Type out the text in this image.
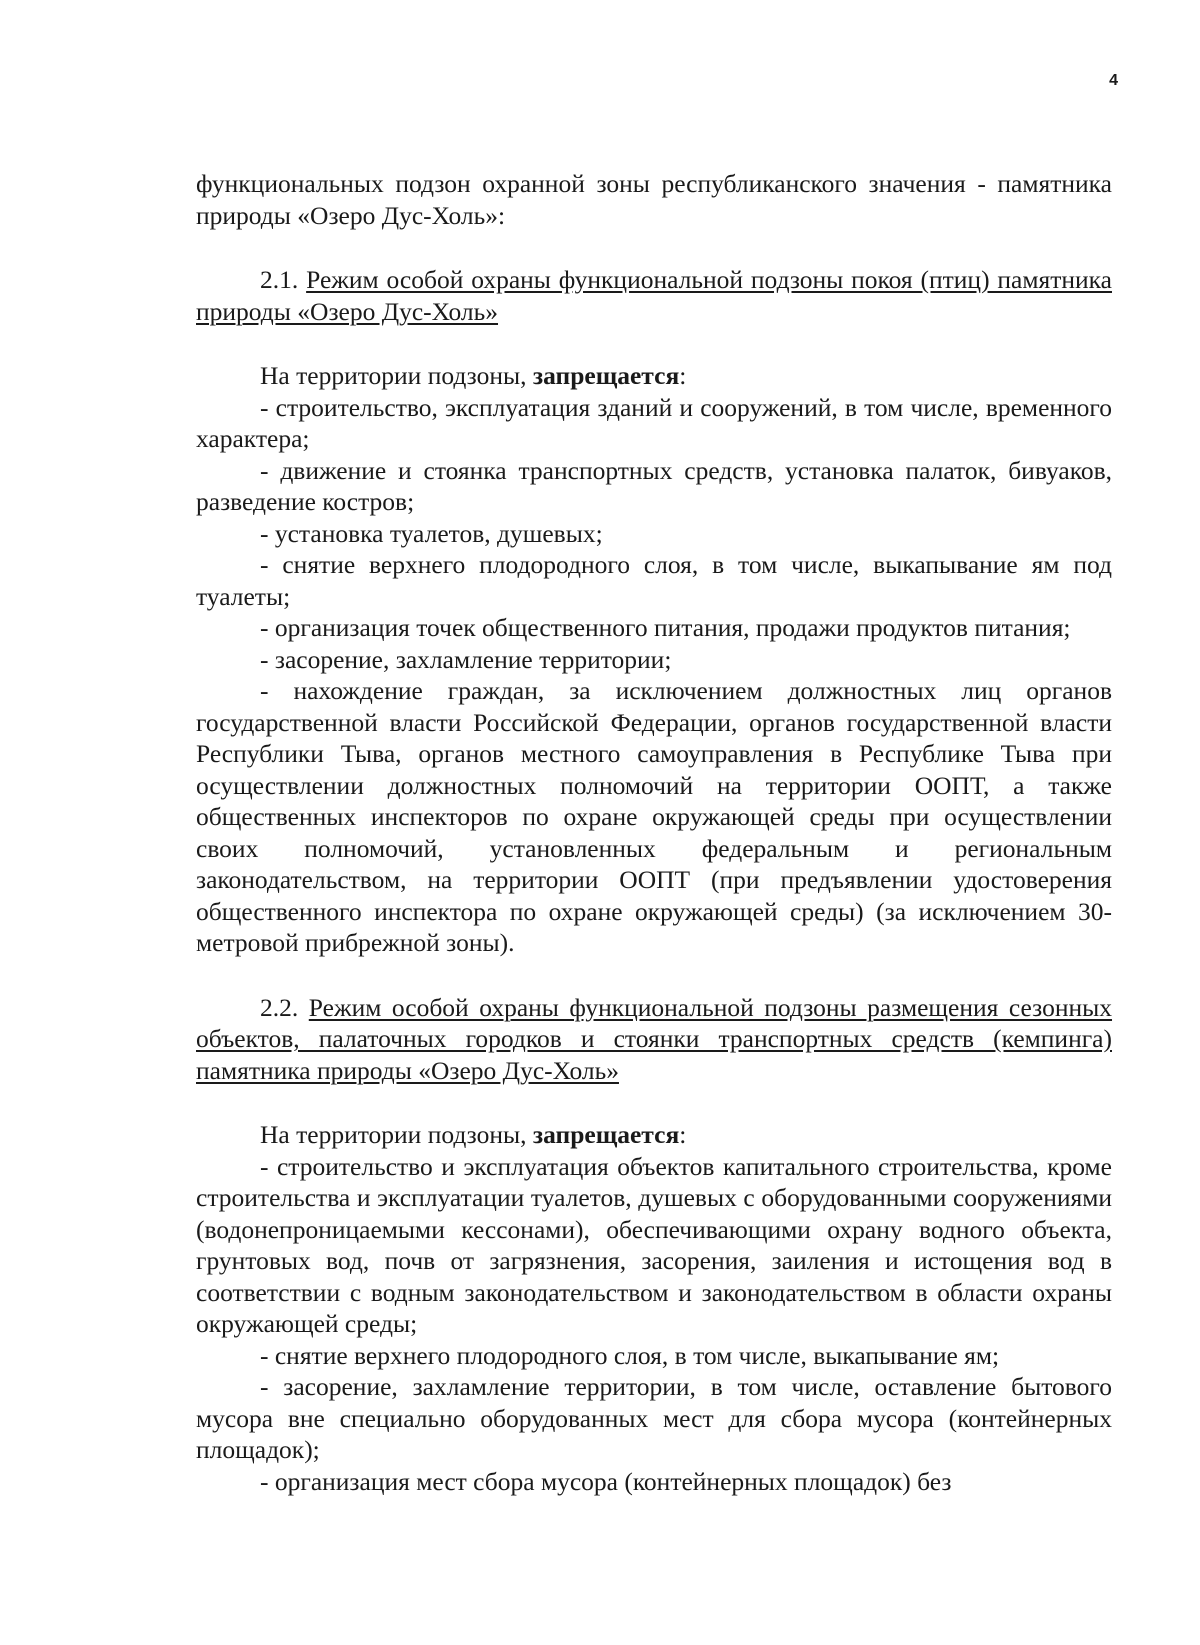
4

функциональных подзон охранной зоны республиканского значения - памятника природы «Озеро Дус-Холь»:

2.1. Режим особой охраны функциональной подзоны покоя (птиц) памятника природы «Озеро Дус-Холь»

На территории подзоны, запрещается:

- строительство, эксплуатация зданий и сооружений, в том числе, временного характера;

- движение и стоянка транспортных средств, установка палаток, бивуаков, разведение костров;

- установка туалетов, душевых;

- снятие верхнего плодородного слоя, в том числе, выкапывание ям под туалеты;

- организация точек общественного питания, продажи продуктов питания;

- засорение, захламление территории;

- нахождение граждан, за исключением должностных лиц органов государственной власти Российской Федерации, органов государственной власти Республики Тыва, органов местного самоуправления в Республике Тыва при осуществлении должностных полномочий на территории ООПТ, а также общественных инспекторов по охране окружающей среды при осуществлении своих полномочий, установленных федеральным и региональным законодательством, на территории ООПТ (при предъявлении удостоверения общественного инспектора по охране окружающей среды) (за исключением 30-метровой прибрежной зоны).

2.2. Режим особой охраны функциональной подзоны размещения сезонных объектов, палаточных городков и стоянки транспортных средств (кемпинга) памятника природы «Озеро Дус-Холь»

На территории подзоны, запрещается:

- строительство и эксплуатация объектов капитального строительства, кроме строительства и эксплуатации туалетов, душевых с оборудованными сооружениями (водонепроницаемыми кессонами), обеспечивающими охрану водного объекта, грунтовых вод, почв от загрязнения, засорения, заиления и истощения вод в соответствии с водным законодательством и законодательством в области охраны окружающей среды;

- снятие верхнего плодородного слоя, в том числе, выкапывание ям;

- засорение, захламление территории, в том числе, оставление бытового мусора вне специально оборудованных мест для сбора мусора (контейнерных площадок);

- организация мест сбора мусора (контейнерных площадок) без
